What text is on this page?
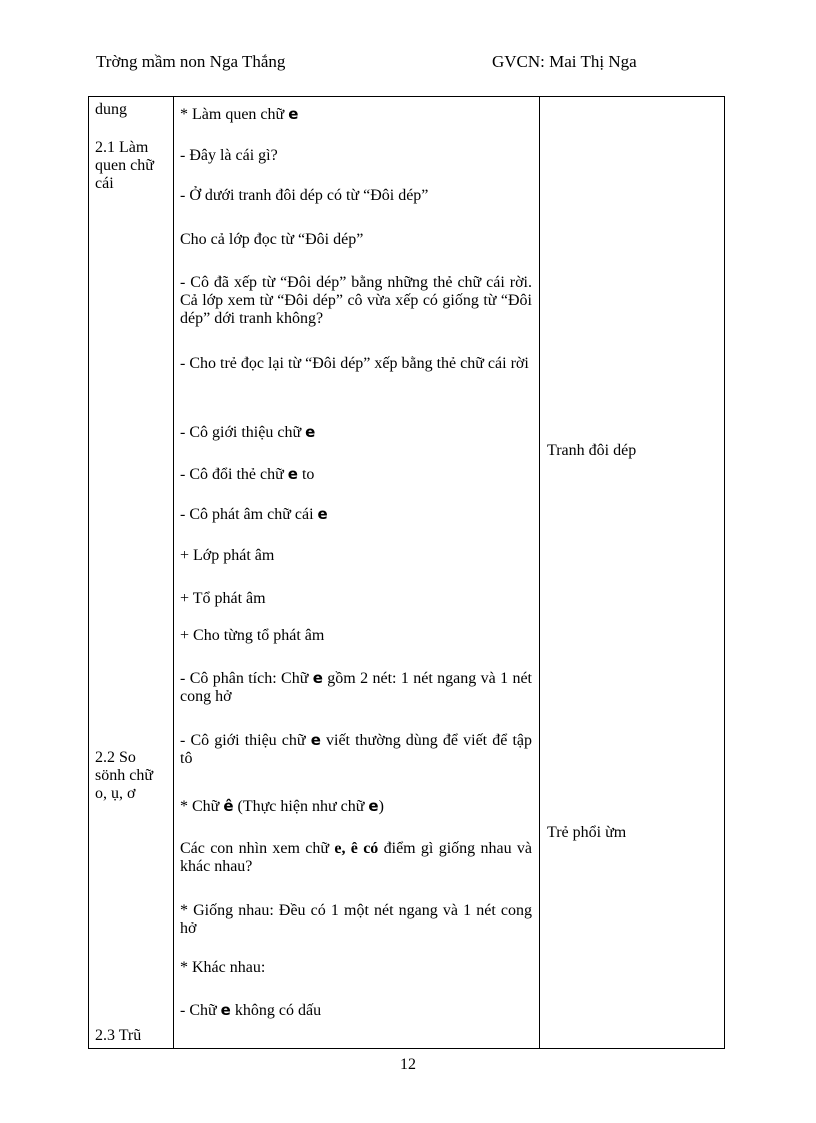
Trờng mầm non Nga Thắng	GVCN: Mai Thị Nga
dung
2.1 Làm quen chữ cái
2.2 So sönh chữ o, ụ, ơ
2.3 Trũ
* Làm quen chữ e
- Đây là cái gì?
- Ở dưới tranh đôi dép có từ “Đôi dép”
Cho cả lớp đọc từ “Đôi dép”
- Cô đã xếp từ “Đôi dép” bằng những thẻ chữ cái rời. Cả lớp xem từ “Đôi dép” cô vừa xếp có giống từ “Đôi dép” dới tranh không?
- Cho trẻ đọc lại từ “Đôi dép” xếp bằng thẻ chữ cái rời
- Cô giới thiệu chữ e
- Cô đổi thẻ chữ e to
- Cô phát âm chữ cái e
+ Lớp phát âm
+ Tổ phát âm
+ Cho từng tổ phát âm
- Cô phân tích: Chữ e gồm 2 nét: 1 nét ngang và 1 nét cong hở
- Cô giới thiệu chữ e viết thường dùng để viết để tập tô
* Chữ ê (Thực hiện như chữ e)
Các con nhìn xem chữ e, ê có điểm gì giống nhau và khác nhau?
* Giống nhau: Đều có 1 một nét ngang và 1 nét cong hở
* Khác nhau:
- Chữ e không có dấu
Tranh đôi dép
Trẻ phổi ừm
12
